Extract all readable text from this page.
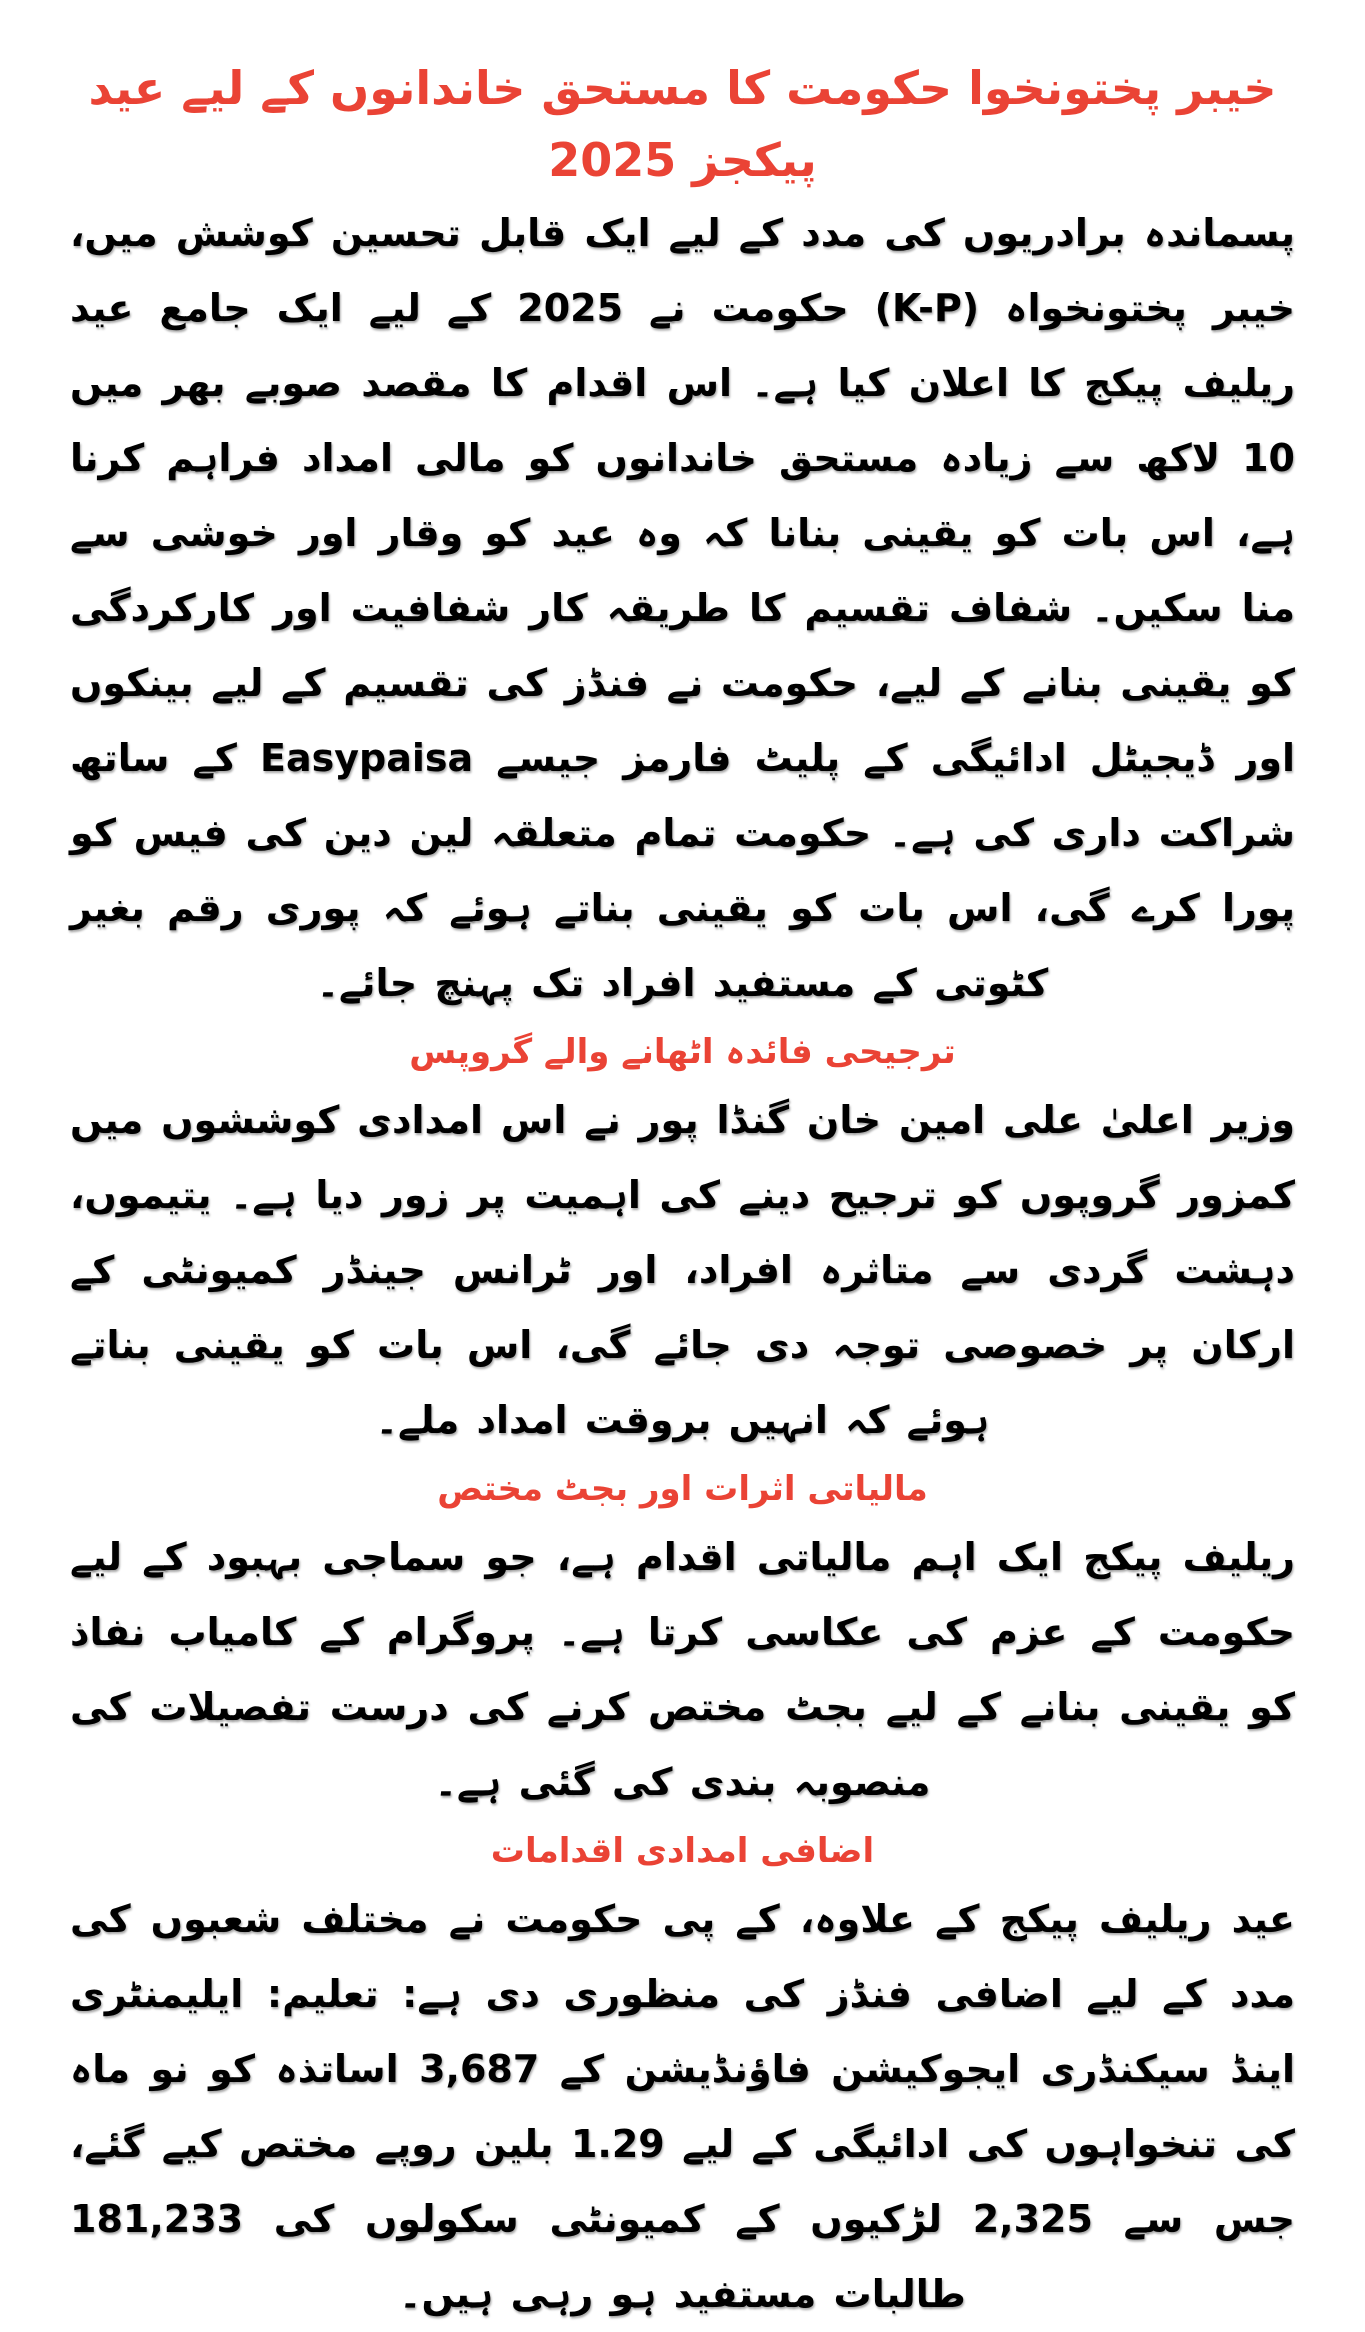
خیبر پختونخوا حکومت کا مستحق خاندانوں کے لیے عید پیکجز 2025

پسماندہ برادریوں کی مدد کے لیے ایک قابل تحسین کوشش میں، خیبر پختونخواہ (K-P) حکومت نے 2025 کے لیے ایک جامع عید ریلیف پیکج کا اعلان کیا ہے۔ اس اقدام کا مقصد صوبے بھر میں 10 لاکھ سے زیادہ مستحق خاندانوں کو مالی امداد فراہم کرنا ہے، اس بات کو یقینی بنانا کہ وہ عید کو وقار اور خوشی سے منا سکیں۔ شفاف تقسیم کا طریقہ کار شفافیت اور کارکردگی کو یقینی بنانے کے لیے، حکومت نے فنڈز کی تقسیم کے لیے بینکوں اور ڈیجیٹل ادائیگی کے پلیٹ فارمز جیسے Easypaisa کے ساتھ شراکت داری کی ہے۔ حکومت تمام متعلقہ لین دین کی فیس کو پورا کرے گی، اس بات کو یقینی بناتے ہوئے کہ پوری رقم بغیر کٹوتی کے مستفید افراد تک پہنچ جائے۔

ترجیحی فائدہ اٹھانے والے گروپس

وزیر اعلیٰ علی امین خان گنڈا پور نے اس امدادی کوششوں میں کمزور گروپوں کو ترجیح دینے کی اہمیت پر زور دیا ہے۔ یتیموں، دہشت گردی سے متاثرہ افراد، اور ٹرانس جینڈر کمیونٹی کے ارکان پر خصوصی توجہ دی جائے گی، اس بات کو یقینی بناتے ہوئے کہ انہیں بروقت امداد ملے۔

مالیاتی اثرات اور بجٹ مختص

ریلیف پیکج ایک اہم مالیاتی اقدام ہے، جو سماجی بہبود کے لیے حکومت کے عزم کی عکاسی کرتا ہے۔ پروگرام کے کامیاب نفاذ کو یقینی بنانے کے لیے بجٹ مختص کرنے کی درست تفصیلات کی منصوبہ بندی کی گئی ہے۔

اضافی امدادی اقدامات

عید ریلیف پیکج کے علاوہ، کے پی حکومت نے مختلف شعبوں کی مدد کے لیے اضافی فنڈز کی منظوری دی ہے: تعلیم: ایلیمنٹری اینڈ سیکنڈری ایجوکیشن فاؤنڈیشن کے 3,687 اساتذہ کو نو ماہ کی تنخواہوں کی ادائیگی کے لیے 1.29 بلین روپے مختص کیے گئے، جس سے 2,325 لڑکیوں کے کمیونٹی سکولوں کی 181,233 طالبات مستفید ہو رہی ہیں۔
